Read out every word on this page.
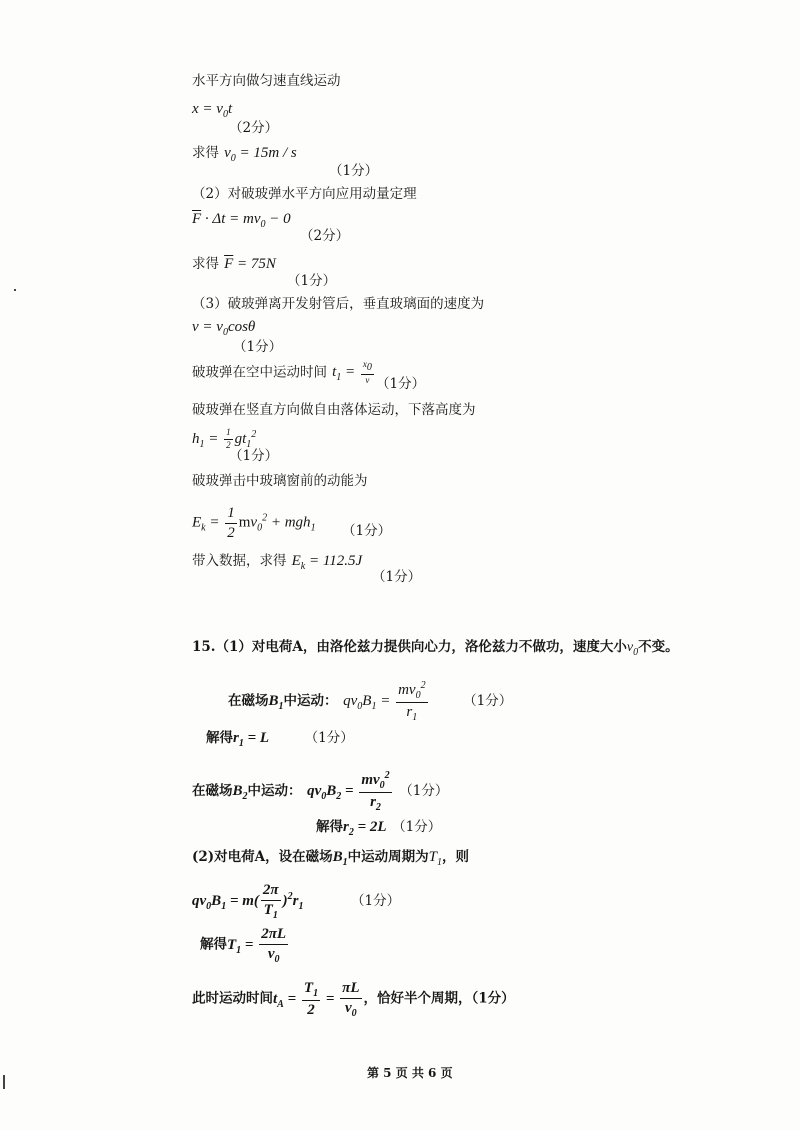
水平方向做匀速直线运动
$x = v_0t$
（2分）
求得 $v_0 = 15m / s$
（1分）
（2）对破玻弹水平方向应用动量定理
$\overline{F} \cdot \Delta t = mv_0 - 0$
（2分）
求得 $\overline{F} = 75N$
（1分）
（3）破玻弹离开发射管后，垂直玻璃面的速度为
$v = v_0\cos\theta$
（1分）
破玻弹在空中运动时间 $t_1 = \frac{x_0}{v} (1$分）
破玻弹在竖直方向做自由落体运动，下落高度为
$h_1 = \frac{1}{2} gt_1^2$
（1分）
破玻弹击中玻璃窗前的动能为
$E_k = \frac{1}{2} mv_0^2 + mgh_1$ （1分）
带入数据，求得 $E_k = 112.5J$
（1分）
15.（1）对电荷A，由洛伦兹力提供向心力，洛伦兹力不做功，速度大小$v_0$不变。
在磁场$B_1$中运动： $qv_0B_1 = \frac{mv_0^2}{r_1}$	（1分）
解得$r_1 = L$	（1分）
在磁场$B_2$中运动： $qv_0B_2 = \frac{mv_0^2}{r_2} (1$分）
解得$r_2 = 2L$ （1分）
(2)对电荷A，设在磁场$B_1$中运动周期为$T_1$，则
$qv_0B_1 = m( \frac{2\pi}{T_1} )^2r_1$	（1分）
解得$T_1 = \frac{2\pi L}{v_0}$
此时运动时间$t_A = \frac{T_1}{2} = \frac{\pi L}{v_0}$ ，恰好半个周期，（1分）
第 5 页 共 6 页
